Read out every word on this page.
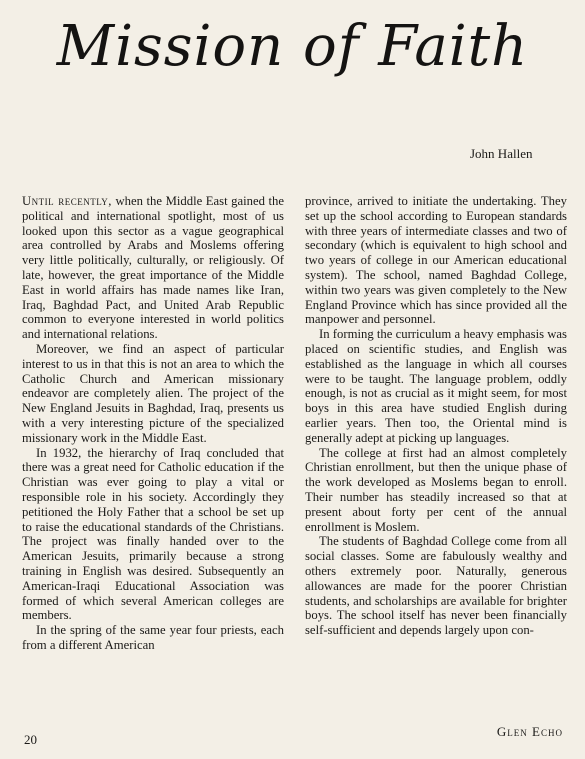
Mission of Faith
John Hallen

Until recently, when the Middle East gained the political and international spotlight, most of us looked upon this sector as a vague geographical area controlled by Arabs and Moslems offering very little politically, culturally, or religiously. Of late, however, the great importance of the Middle East in world affairs has made names like Iran, Iraq, Baghdad Pact, and United Arab Republic common to everyone interested in world politics and international relations.

Moreover, we find an aspect of particular interest to us in that this is not an area to which the Catholic Church and American missionary endeavor are completely alien. The project of the New England Jesuits in Baghdad, Iraq, presents us with a very interesting picture of the specialized missionary work in the Middle East.

In 1932, the hierarchy of Iraq concluded that there was a great need for Catholic education if the Christian was ever going to play a vital or responsible role in his society. Accordingly they petitioned the Holy Father that a school be set up to raise the educational standards of the Christians. The project was finally handed over to the American Jesuits, primarily because a strong training in English was desired. Subsequently an American-Iraqi Educational Association was formed of which several American colleges are members.

In the spring of the same year four priests, each from a different American

province, arrived to initiate the undertaking. They set up the school according to European standards with three years of intermediate classes and two of secondary (which is equivalent to high school and two years of college in our American educational system). The school, named Baghdad College, within two years was given completely to the New England Province which has since provided all the manpower and personnel.

In forming the curriculum a heavy emphasis was placed on scientific studies, and English was established as the language in which all courses were to be taught. The language problem, oddly enough, is not as crucial as it might seem, for most boys in this area have studied English during earlier years. Then too, the Oriental mind is generally adept at picking up languages.

The college at first had an almost completely Christian enrollment, but then the unique phase of the work developed as Moslems began to enroll. Their number has steadily increased so that at present about forty per cent of the annual enrollment is Moslem.

The students of Baghdad College come from all social classes. Some are fabulously wealthy and others extremely poor. Naturally, generous allowances are made for the poorer Christian students, and scholarships are available for brighter boys. The school itself has never been financially self-sufficient and depends largely upon con-

20
Glen Echo
